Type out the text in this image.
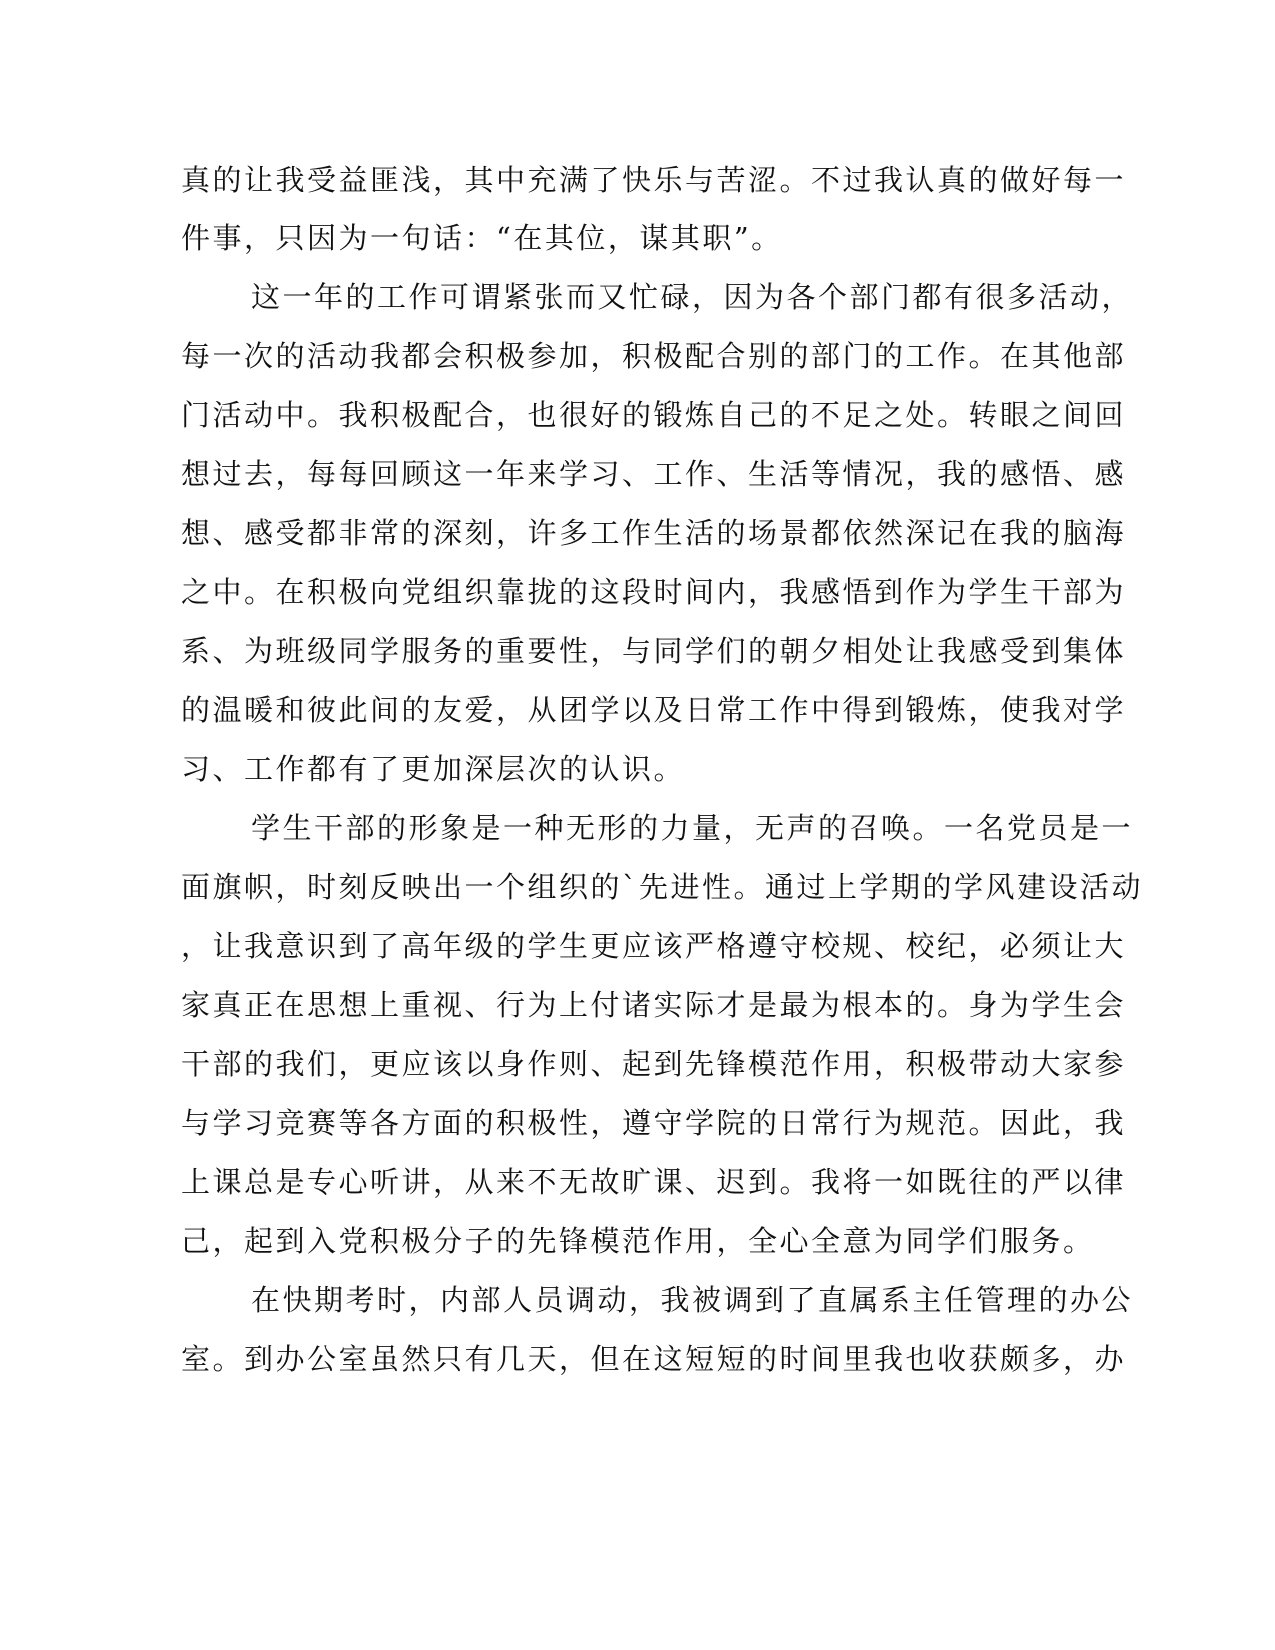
真的让我受益匪浅，其中充满了快乐与苦涩。不过我认真的做好每一
件事，只因为一句话：“在其位，谋其职”。
这一年的工作可谓紧张而又忙碌，因为各个部门都有很多活动，
每一次的活动我都会积极参加，积极配合别的部门的工作。在其他部
门活动中。我积极配合，也很好的锻炼自己的不足之处。转眼之间回
想过去，每每回顾这一年来学习、工作、生活等情况，我的感悟、感
想、感受都非常的深刻，许多工作生活的场景都依然深记在我的脑海
之中。在积极向党组织靠拢的这段时间内，我感悟到作为学生干部为
系、为班级同学服务的重要性，与同学们的朝夕相处让我感受到集体
的温暖和彼此间的友爱，从团学以及日常工作中得到锻炼，使我对学
习、工作都有了更加深层次的认识。
学生干部的形象是一种无形的力量，无声的召唤。一名党员是一
面旗帜，时刻反映出一个组织的`先进性。通过上学期的学风建设活动
，让我意识到了高年级的学生更应该严格遵守校规、校纪，必须让大
家真正在思想上重视、行为上付诸实际才是最为根本的。身为学生会
干部的我们，更应该以身作则、起到先锋模范作用，积极带动大家参
与学习竞赛等各方面的积极性，遵守学院的日常行为规范。因此，我
上课总是专心听讲，从来不无故旷课、迟到。我将一如既往的严以律
己，起到入党积极分子的先锋模范作用，全心全意为同学们服务。
在快期考时，内部人员调动，我被调到了直属系主任管理的办公
室。到办公室虽然只有几天，但在这短短的时间里我也收获颇多，办
